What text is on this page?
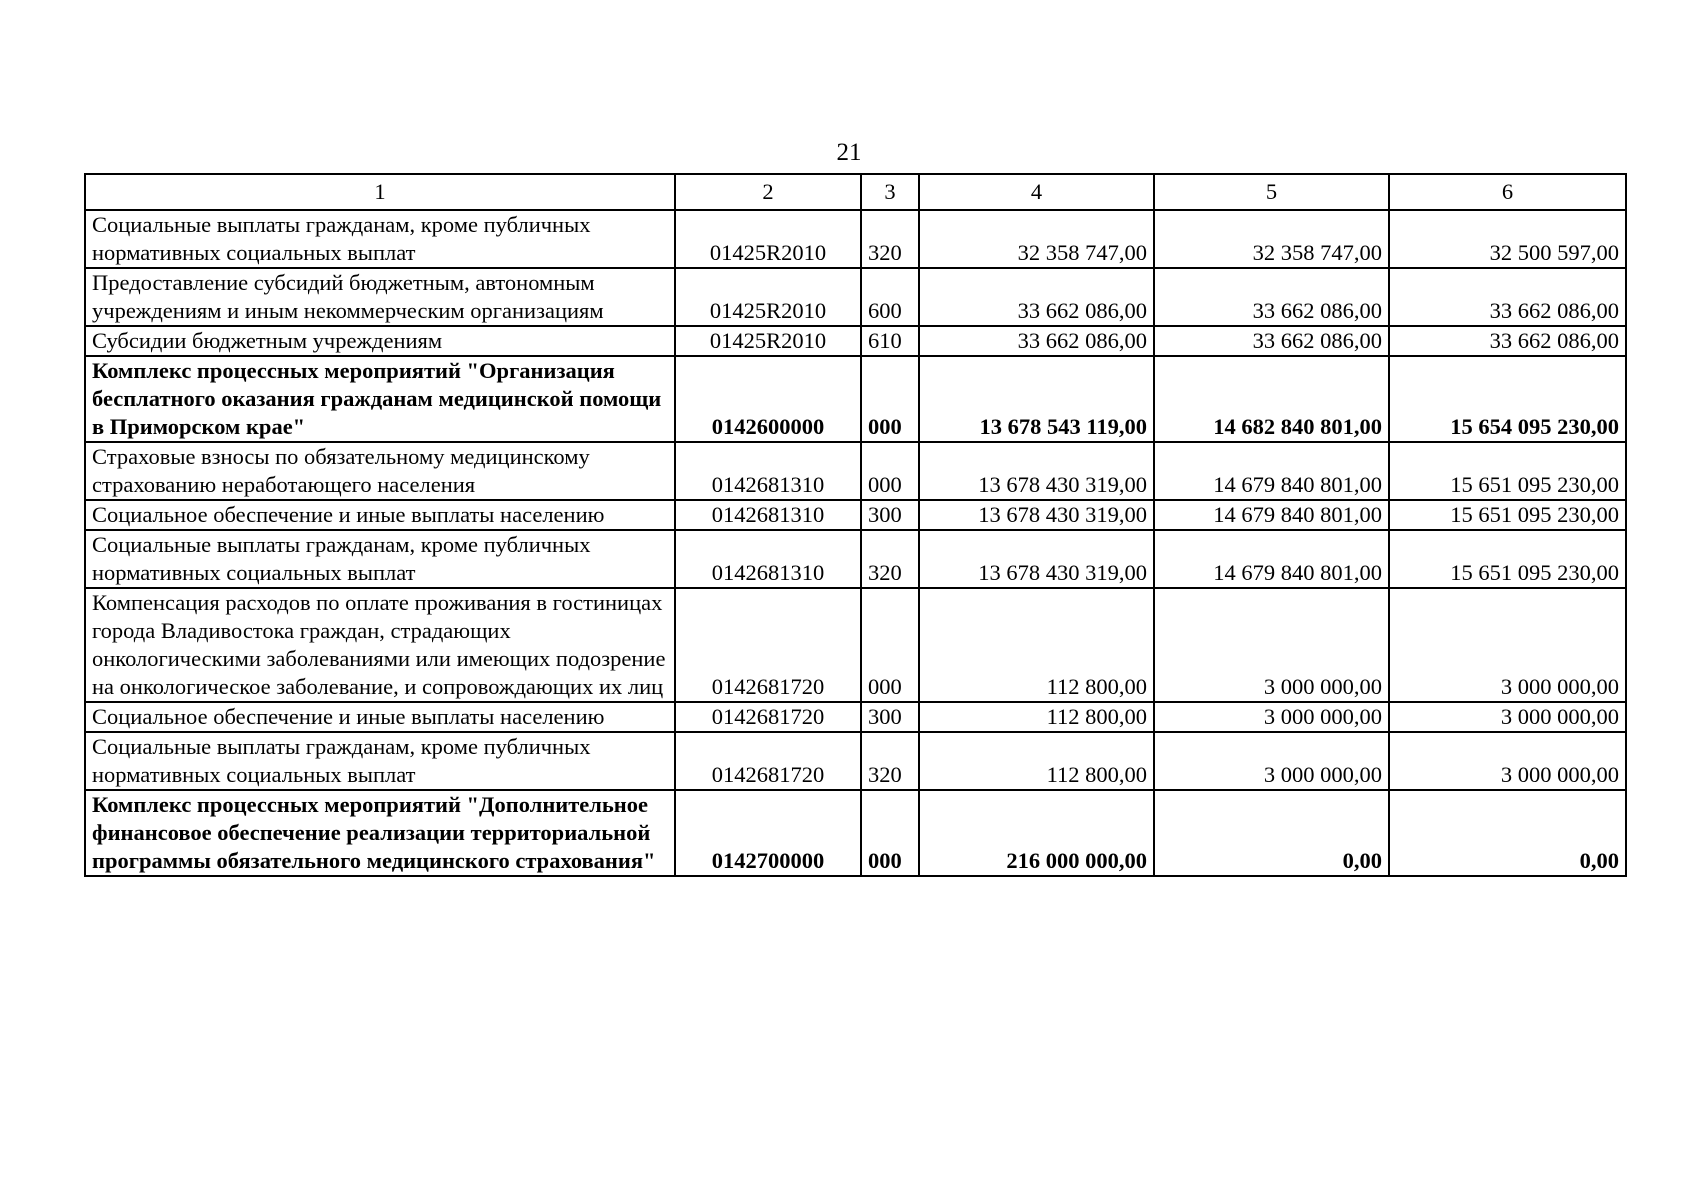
21
1	2	3	4	5	6
Социальные выплаты гражданам, кроме публичных нормативных социальных выплат	01425R2010	320	32 358 747,00	32 358 747,00	32 500 597,00
Предоставление субсидий бюджетным, автономным учреждениям и иным некоммерческим организациям	01425R2010	600	33 662 086,00	33 662 086,00	33 662 086,00
Субсидии бюджетным учреждениям	01425R2010	610	33 662 086,00	33 662 086,00	33 662 086,00
Комплекс процессных мероприятий "Организация бесплатного оказания гражданам медицинской помощи в Приморском крае"	0142600000	000	13 678 543 119,00	14 682 840 801,00	15 654 095 230,00
Страховые взносы по обязательному медицинскому страхованию неработающего населения	0142681310	000	13 678 430 319,00	14 679 840 801,00	15 651 095 230,00
Социальное обеспечение и иные выплаты населению	0142681310	300	13 678 430 319,00	14 679 840 801,00	15 651 095 230,00
Социальные выплаты гражданам, кроме публичных нормативных социальных выплат	0142681310	320	13 678 430 319,00	14 679 840 801,00	15 651 095 230,00
Компенсация расходов по оплате проживания в гостиницах города Владивостока граждан, страдающих онкологическими заболеваниями или имеющих подозрение на онкологическое заболевание, и сопровождающих их лиц	0142681720	000	112 800,00	3 000 000,00	3 000 000,00
Социальное обеспечение и иные выплаты населению	0142681720	300	112 800,00	3 000 000,00	3 000 000,00
Социальные выплаты гражданам, кроме публичных нормативных социальных выплат	0142681720	320	112 800,00	3 000 000,00	3 000 000,00
Комплекс процессных мероприятий "Дополнительное финансовое обеспечение реализации территориальной программы обязательного медицинского страхования"	0142700000	000	216 000 000,00	0,00	0,00
